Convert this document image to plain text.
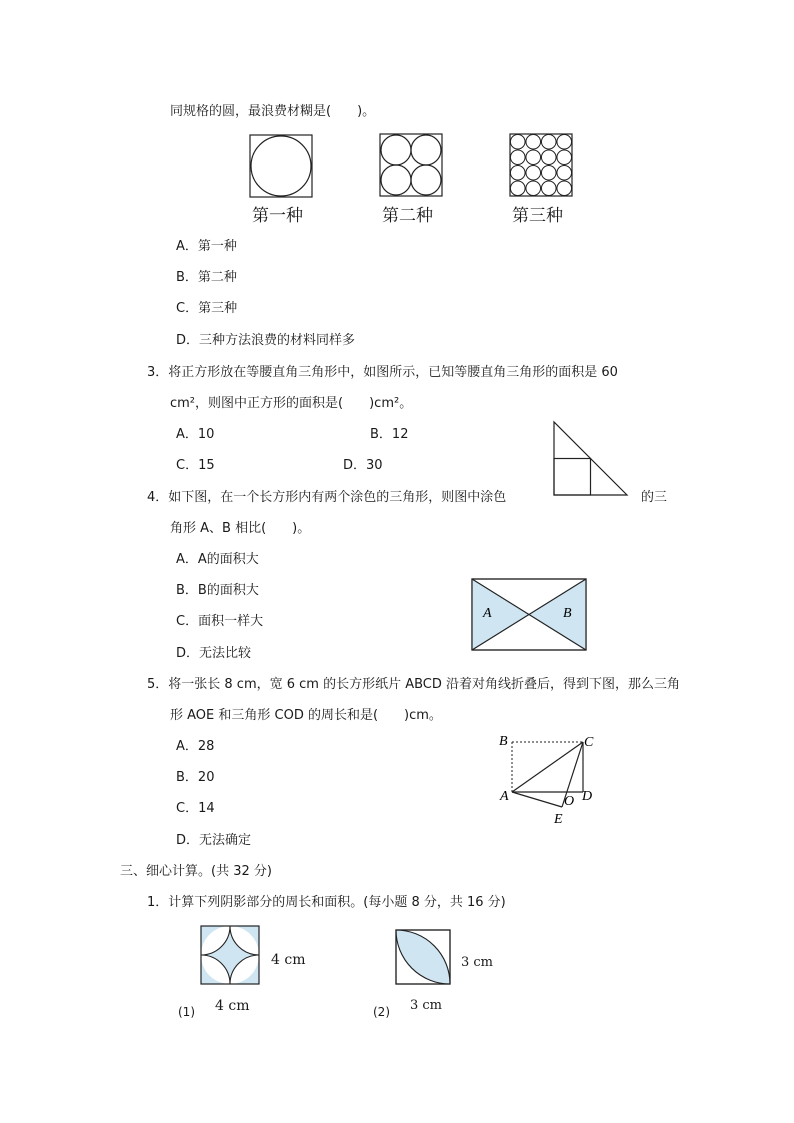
同规格的圆，最浪费材糊是(　　)。
第一种	第二种	第三种
A．第一种
B．第二种
C．第三种
D．三种方法浪费的材料同样多
3．将正方形放在等腰直角三角形中，如图所示，已知等腰直角三角形的面积是 60
cm²，则图中正方形的面积是(　　)cm²。
A．10	B．12
C．15	D．30
4．如下图，在一个长方形内有两个涂色的三角形，则图中涂色	的三
角形 A、B 相比(　　)。
A．A的面积大
B．B的面积大
C．面积一样大
D．无法比较
A	B
5．将一张长 8 cm，宽 6 cm 的长方形纸片 ABCD 沿着对角线折叠后，得到下图，那么三角
形 AOE 和三角形 COD 的周长和是(　　)cm。
A．28
B．20
C．14
D．无法确定
B	C
A	O D
E
三、细心计算。(共 32 分)
1．计算下列阴影部分的周长和面积。(每小题 8 分，共 16 分)
4 cm
4 cm
(1)
3 cm
3 cm
(2)
